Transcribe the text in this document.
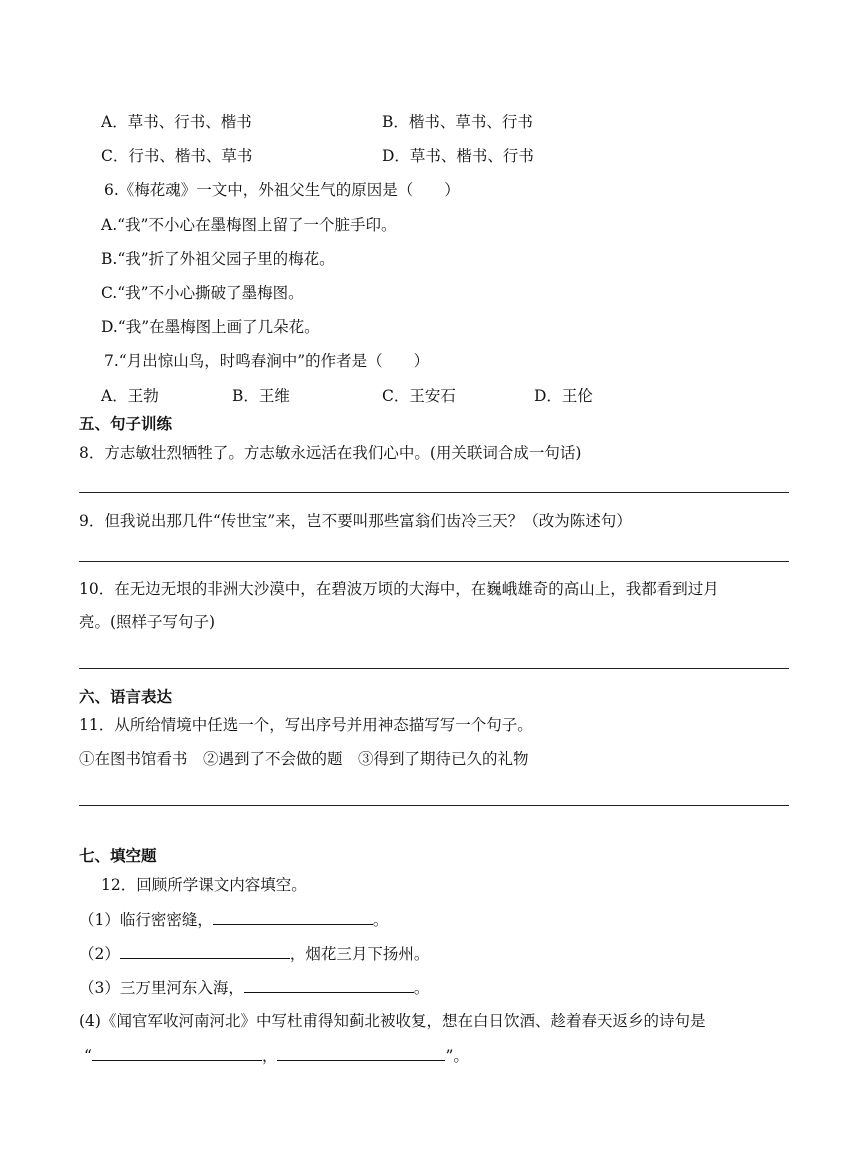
A．草书、行书、楷书	B．楷书、草书、行书
C．行书、楷书、草书	D．草书、楷书、行书
6.《梅花魂》一文中，外祖父生气的原因是（　　）
A.“我”不小心在墨梅图上留了一个脏手印。
B.“我”折了外祖父园子里的梅花。
C.“我”不小心撕破了墨梅图。
D.“我”在墨梅图上画了几朵花。
7.“月出惊山鸟，时鸣春涧中”的作者是（　　）
A．王勃	B．王维	C．王安石	D．王伦
五、句子训练
8．方志敏壮烈牺牲了。方志敏永远活在我们心中。(用关联词合成一句话)
9．但我说出那几件“传世宝”来，岂不要叫那些富翁们齿冷三天？（改为陈述句）
10．在无边无垠的非洲大沙漠中，在碧波万顷的大海中，在巍峨雄奇的高山上，我都看到过月
亮。(照样子写句子)
六、语言表达
11．从所给情境中任选一个，写出序号并用神态描写写一个句子。
①在图书馆看书　②遇到了不会做的题　③得到了期待已久的礼物
七、填空题
12．回顾所学课文内容填空。
（1）临行密密缝，	。
（2）	，烟花三月下扬州。
（3）三万里河东入海，	。
(4)《闻官军收河南河北》中写杜甫得知蓟北被收复，想在白日饮酒、趁着春天返乡的诗句是
“	，	”。
